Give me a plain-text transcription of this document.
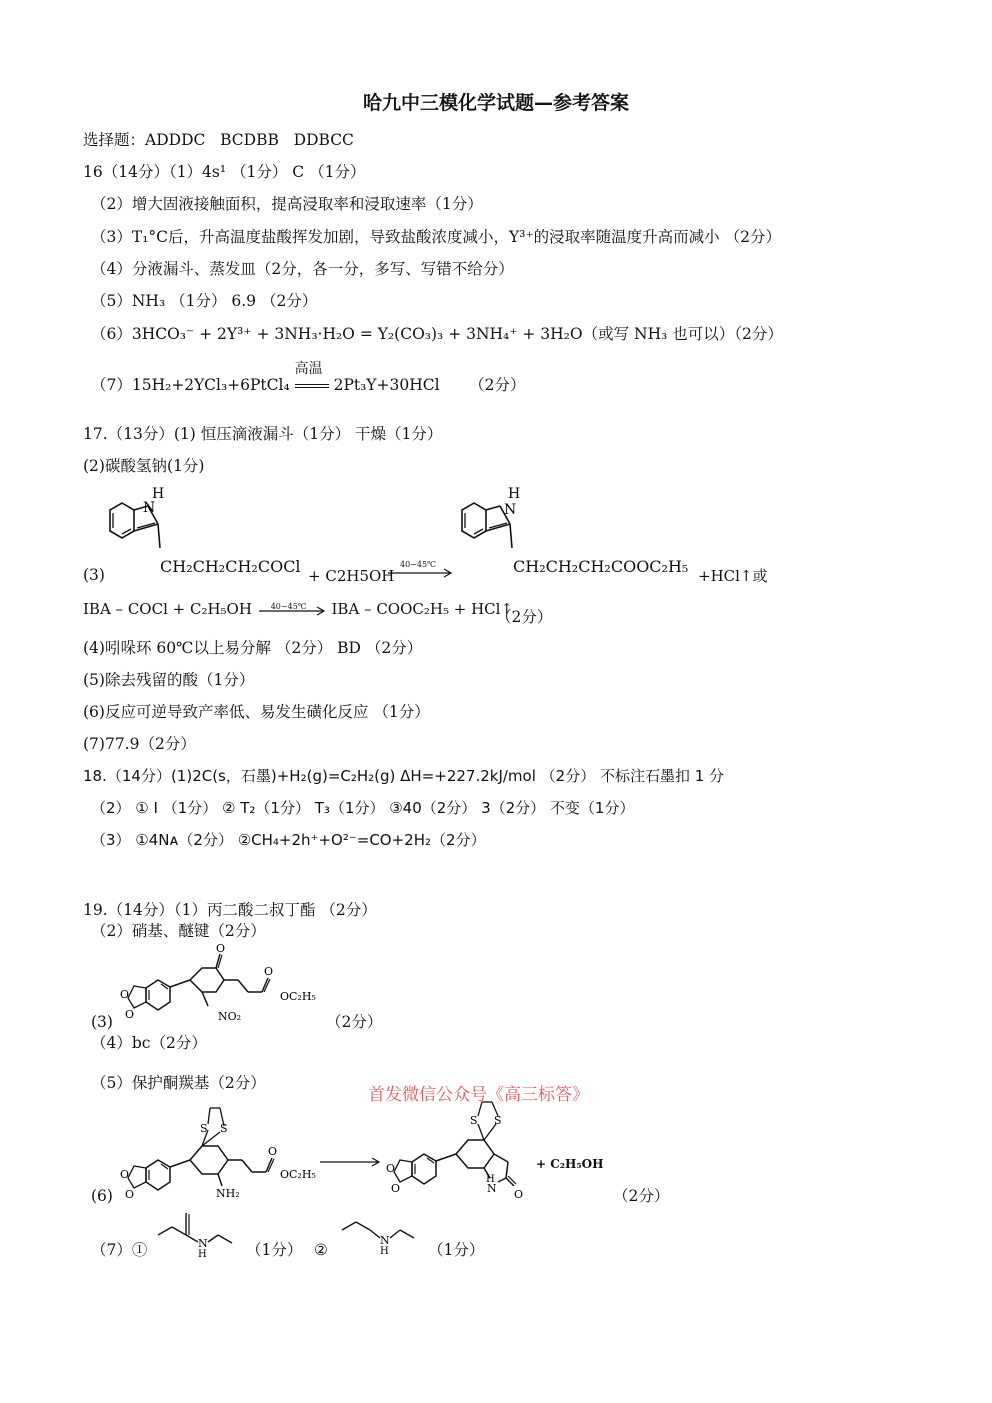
哈九中三模化学试题—参考答案
选择题：ADDDC   BCDBB   DDBCC
16（14分）（1）4s¹ （1分） C （1分）
（2）增大固液接触面积，提高浸取率和浸取速率（1分）
（3）T₁°C后，升高温度盐酸挥发加剧，导致盐酸浓度减小，Y³⁺的浸取率随温度升高而减小 （2分）
（4）分液漏斗、蒸发皿（2分，各一分，多写、写错不给分）
（5）NH₃ （1分） 6.9 （2分）
（6）3HCO₃⁻ + 2Y³⁺ + 3NH₃·H₂O = Y₂(CO₃)₃ + 3NH₄⁺ + 3H₂O（或写 NH₃ 也可以）（2分）
（7）15H₂+2YCl₃+6PtCl₄
高温
2Pt₃Y+30HCl      （2分）
17.（13分）(1) 恒压滴液漏斗（1分） 干燥（1分）
(2)碳酸氢钠(1分)
(3)
H
N
CH₂CH₂CH₂COCl + C2H5OH
40~45℃
H
N
CH₂CH₂CH₂COOC₂H₅ +HCl↑或
IBA – COCl + C₂H₅OH 40~45℃ IBA – COOC₂H₅ + HCl↑
（2分）
(4)吲哚环 60℃以上易分解 （2分） BD （2分）
(5)除去残留的酸（1分）
(6)反应可逆导致产率低、易发生磺化反应 （1分）
(7)77.9（2分）
18.（14分）(1)2C(s，石墨)+H₂(g)=C₂H₂(g) ΔH=+227.2kJ/mol （2分） 不标注石墨扣 1 分
（2） ① Ⅰ （1分） ② T₂（1分） T₃（1分） ③40（2分） 3（2分） 不变（1分）
（3） ①4Nᴀ（2分） ②CH₄+2h⁺+O²⁻=CO+2H₂（2分）
19.（14分）（1）丙二酸二叔丁酯 （2分）
（2）硝基、醚键（2分）
(3)
O
O
O
O
OC₂H₅
NO₂	（2分）
（4）bc（2分）
（5）保护酮羰基（2分）
(6)
O
O
S S
O
OC₂H₅
NH₂
O
O
S S
H
N O
+ C₂H₅OH
（2分）
（7）①	N
H	（1分） ②
N
H	（1分）
首发微信公众号《高三标答》
